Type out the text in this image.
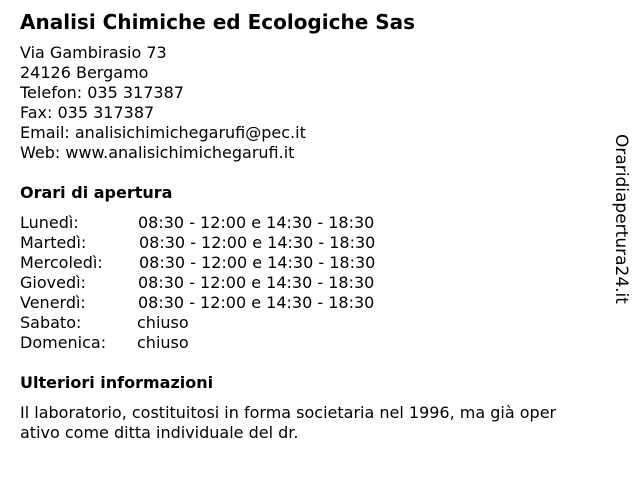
Analisi Chimiche ed Ecologiche Sas
Via Gambirasio 73
24126 Bergamo
Telefon: 035 317387
Fax: 035 317387
Email: analisichimichegarufi@pec.it
Web: www.analisichimichegarufi.it
Orari di apertura
Lunedì:	08:30 - 12:00 e 14:30 - 18:30
Martedì:	08:30 - 12:00 e 14:30 - 18:30
Mercoledì: 08:30 - 12:00 e 14:30 - 18:30
Giovedì:	08:30 - 12:00 e 14:30 - 18:30
Venerdì:	08:30 - 12:00 e 14:30 - 18:30
Sabato:	chiuso
Domenica: chiuso
Ulteriori informazioni
Il laboratorio, costituitosi in forma societaria nel 1996, ma già oper
ativo come ditta individuale del dr.
Oraridiapertura24.it
